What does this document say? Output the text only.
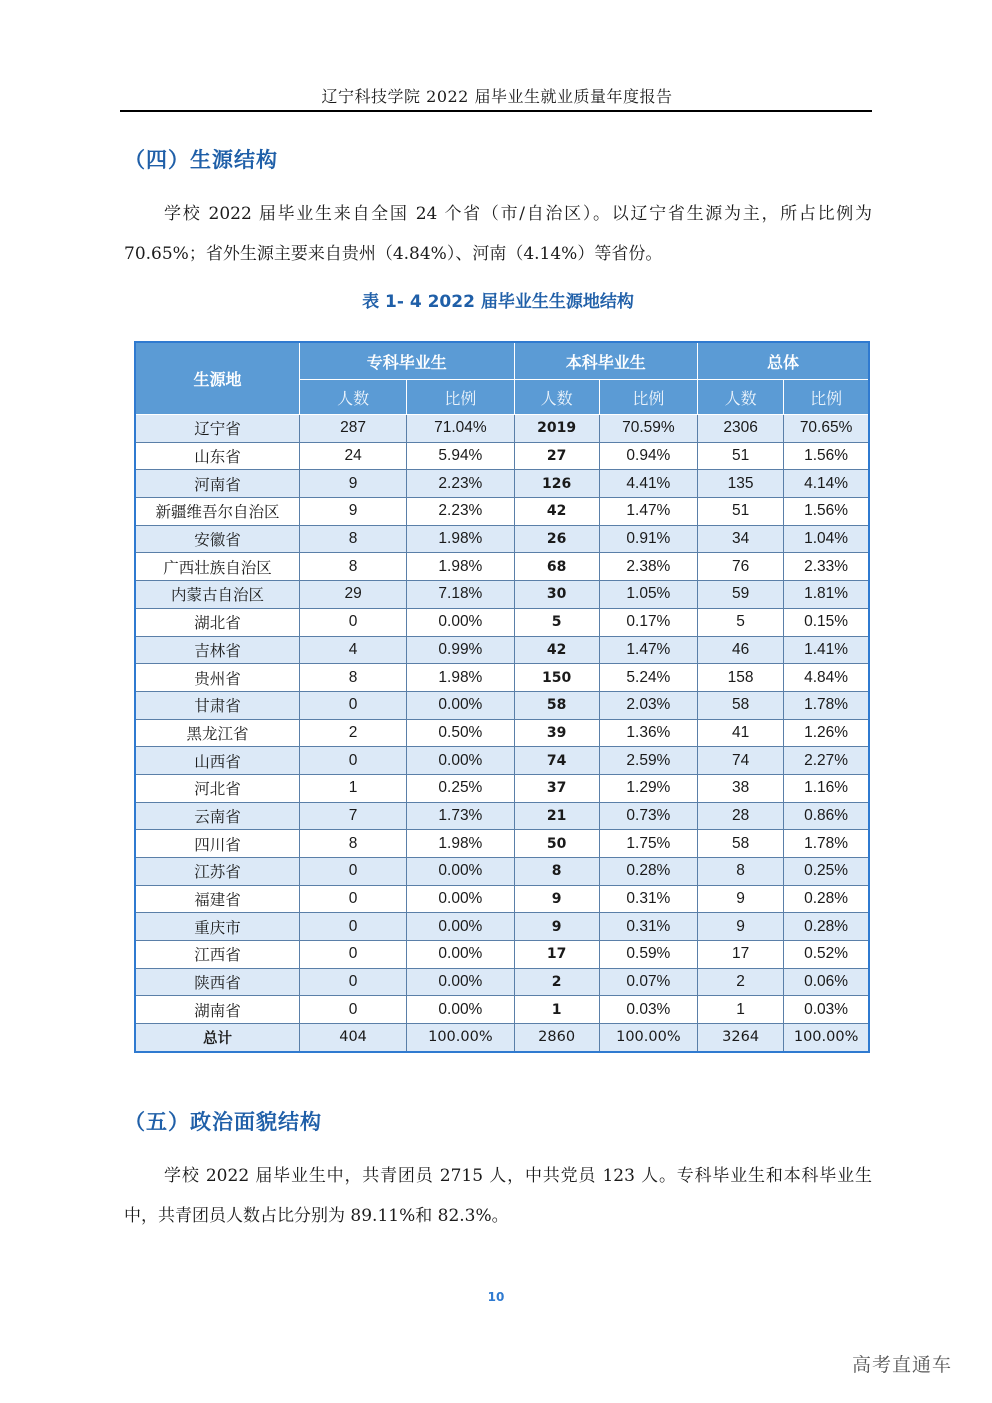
辽宁科技学院 2022 届毕业生就业质量年度报告
（四）生源结构
学校 2022 届毕业生来自全国 24 个省（市/自治区）。以辽宁省生源为主，所占比例为 70.65%；省外生源主要来自贵州（4.84%）、河南（4.14%）等省份。
表 1- 4 2022 届毕业生生源地结构
生源地	专科毕业生		本科毕业生		总体	
	人数	比例	人数	比例	人数	比例
辽宁省	287	71.04%	2019	70.59%	2306	70.65%
山东省	24	5.94%	27	0.94%	51	1.56%
河南省	9	2.23%	126	4.41%	135	4.14%
新疆维吾尔自治区	9	2.23%	42	1.47%	51	1.56%
安徽省	8	1.98%	26	0.91%	34	1.04%
广西壮族自治区	8	1.98%	68	2.38%	76	2.33%
内蒙古自治区	29	7.18%	30	1.05%	59	1.81%
湖北省	0	0.00%	5	0.17%	5	0.15%
吉林省	4	0.99%	42	1.47%	46	1.41%
贵州省	8	1.98%	150	5.24%	158	4.84%
甘肃省	0	0.00%	58	2.03%	58	1.78%
黑龙江省	2	0.50%	39	1.36%	41	1.26%
山西省	0	0.00%	74	2.59%	74	2.27%
河北省	1	0.25%	37	1.29%	38	1.16%
云南省	7	1.73%	21	0.73%	28	0.86%
四川省	8	1.98%	50	1.75%	58	1.78%
江苏省	0	0.00%	8	0.28%	8	0.25%
福建省	0	0.00%	9	0.31%	9	0.28%
重庆市	0	0.00%	9	0.31%	9	0.28%
江西省	0	0.00%	17	0.59%	17	0.52%
陕西省	0	0.00%	2	0.07%	2	0.06%
湖南省	0	0.00%	1	0.03%	1	0.03%
总计	404	100.00%	2860	100.00%	3264	100.00%
（五）政治面貌结构
学校 2022 届毕业生中，共青团员 2715 人，中共党员 123 人。专科毕业生和本科毕业生中，共青团员人数占比分别为 89.11%和 82.3%。
10
高考直通车
